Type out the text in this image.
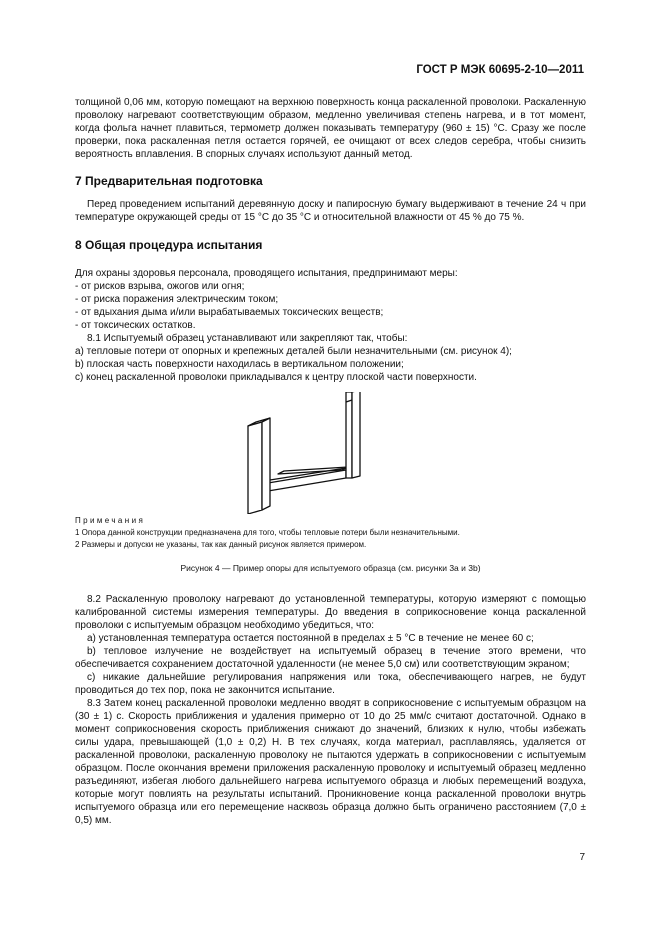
ГОСТ Р МЭК 60695-2-10—2011

толщиной 0,06 мм, которую помещают на верхнюю поверхность конца раскаленной проволоки. Раскаленную проволоку нагревают соответствующим образом, медленно увеличивая степень нагрева, и в тот момент, когда фольга начнет плавиться, термометр должен показывать температуру (960 ± 15) °С. Сразу же после проверки, пока раскаленная петля остается горячей, ее очищают от всех следов серебра, чтобы снизить вероятность вплавления. В спорных случаях используют данный метод.

7 Предварительная подготовка

Перед проведением испытаний деревянную доску и папиросную бумагу выдерживают в течение 24 ч при температуре окружающей среды от 15 °С до 35 °С и относительной влажности от 45 % до 75 %.

8 Общая процедура испытания

Для охраны здоровья персонала, проводящего испытания, предпринимают меры:

- от рисков взрыва, ожогов или огня;

- от риска поражения электрическим током;

- от вдыхания дыма и/или вырабатываемых токсических веществ;

- от токсических остатков.

8.1 Испытуемый образец устанавливают или закрепляют так, чтобы:

a) тепловые потери от опорных и крепежных деталей были незначительными (см. рисунок 4);

b) плоская часть поверхности находилась в вертикальном положении;

c) конец раскаленной проволоки прикладывался к центру плоской части поверхности.

Примечания

1 Опора данной конструкции предназначена для того, чтобы тепловые потери были незначительными.

2 Размеры и допуски не указаны, так как данный рисунок является примером.

Рисунок 4 — Пример опоры для испытуемого образца (см. рисунки 3а и 3b)

8.2 Раскаленную проволоку нагревают до установленной температуры, которую измеряют с помощью калиброванной системы измерения температуры. До введения в соприкосновение конца раскаленной проволоки с испытуемым образцом необходимо убедиться, что:

a) установленная температура остается постоянной в пределах ± 5 °С в течение не менее 60 с;

b) тепловое излучение не воздействует на испытуемый образец в течение этого времени, что обеспечивается сохранением достаточной удаленности (не менее 5,0 см) или соответствующим экраном;

c) никакие дальнейшие регулирования напряжения или тока, обеспечивающего нагрев, не будут проводиться до тех пор, пока не закончится испытание.

8.3 Затем конец раскаленной проволоки медленно вводят в соприкосновение с испытуемым образцом на (30 ± 1) с. Скорость приближения и удаления примерно от 10 до 25 мм/с считают достаточной. Однако в момент соприкосновения скорость приближения снижают до значений, близких к нулю, чтобы избежать силы удара, превышающей (1,0 ± 0,2) Н. В тех случаях, когда материал, расплавляясь, удаляется от раскаленной проволоки, раскаленную проволоку не пытаются удержать в соприкосновении с испытуемым образцом. После окончания времени приложения раскаленную проволоку и испытуемый образец медленно разъединяют, избегая любого дальнейшего нагрева испытуемого образца и любых перемещений воздуха, которые могут повлиять на результаты испытаний. Проникновение конца раскаленной проволоки внутрь испытуемого образца или его перемещение насквозь образца должно быть ограничено расстоянием (7,0 ± 0,5) мм.

7
